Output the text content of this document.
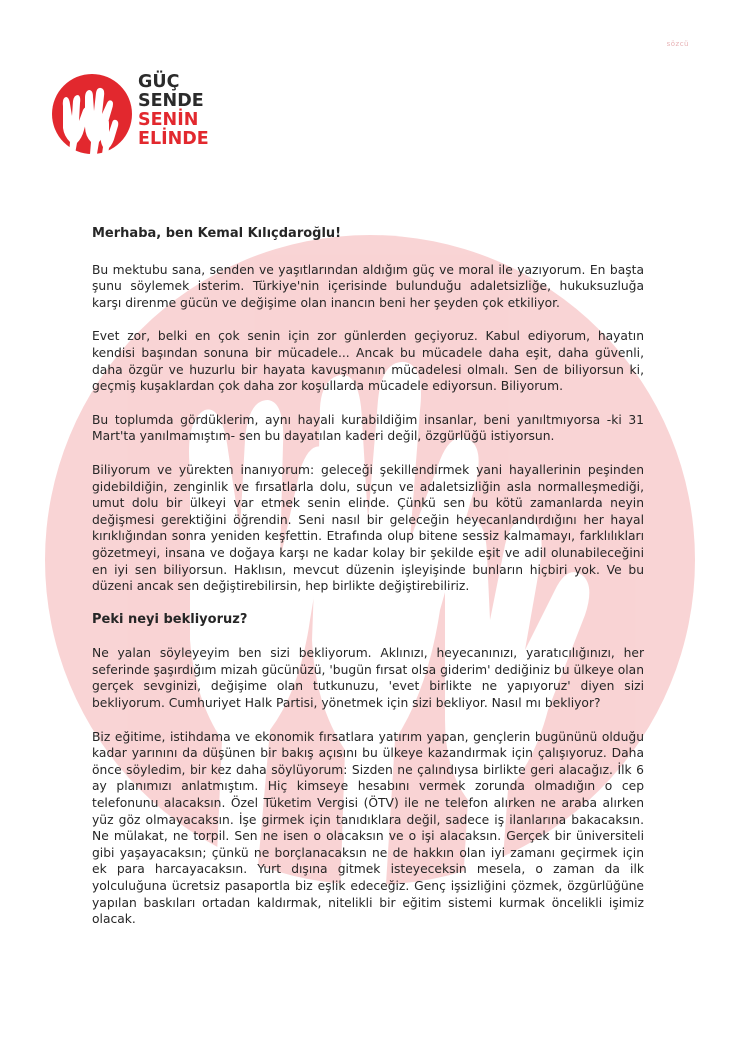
sözcü
GÜÇ
SENDE
SENİN
ELİNDE
Merhaba, ben Kemal Kılıçdaroğlu!

Bu mektubu sana, senden ve yaşıtlarından aldığım güç ve moral ile yazıyorum. En başta şunu söylemek isterim. Türkiye'nin içerisinde bulunduğu adaletsizliğe, hukuksuzluğa karşı direnme gücün ve değişime olan inancın beni her şeyden çok etkiliyor.

Evet zor, belki en çok senin için zor günlerden geçiyoruz. Kabul ediyorum, hayatın kendisi başından sonuna bir mücadele... Ancak bu mücadele daha eşit, daha güvenli, daha özgür ve huzurlu bir hayata kavuşmanın mücadelesi olmalı. Sen de biliyorsun ki, geçmiş kuşaklardan çok daha zor koşullarda mücadele ediyorsun. Biliyorum.

Bu toplumda gördüklerim, aynı hayali kurabildiğim insanlar, beni yanıltmıyorsa -ki 31 Mart'ta yanılmamıştım- sen bu dayatılan kaderi değil, özgürlüğü istiyorsun.

Biliyorum ve yürekten inanıyorum: geleceği şekillendirmek yani hayallerinin peşinden gidebildiğin, zenginlik ve fırsatlarla dolu, suçun ve adaletsizliğin asla normalleşmediği, umut dolu bir ülkeyi var etmek senin elinde. Çünkü sen bu kötü zamanlarda neyin değişmesi gerektiğini öğrendin. Seni nasıl bir geleceğin heyecanlandırdığını her hayal kırıklığından sonra yeniden keşfettin. Etrafında olup bitene sessiz kalmamayı, farklılıkları gözetmeyi, insana ve doğaya karşı ne kadar kolay bir şekilde eşit ve adil olunabileceğini en iyi sen biliyorsun. Haklısın, mevcut düzenin işleyişinde bunların hiçbiri yok. Ve bu düzeni ancak sen değiştirebilirsin, hep birlikte değiştirebiliriz.

Peki neyi bekliyoruz?

Ne yalan söyleyeyim ben sizi bekliyorum. Aklınızı, heyecanınızı, yaratıcılığınızı, her seferinde şaşırdığım mizah gücünüzü, 'bugün fırsat olsa giderim' dediğiniz bu ülkeye olan gerçek sevginizi, değişime olan tutkunuzu, 'evet birlikte ne yapıyoruz' diyen sizi bekliyorum. Cumhuriyet Halk Partisi, yönetmek için sizi bekliyor. Nasıl mı bekliyor?

Biz eğitime, istihdama ve ekonomik fırsatlara yatırım yapan, gençlerin bugününü olduğu kadar yarınını da düşünen bir bakış açısını bu ülkeye kazandırmak için çalışıyoruz. Daha önce söyledim, bir kez daha söylüyorum: Sizden ne çalındıysa birlikte geri alacağız. İlk 6 ay planımızı anlatmıştım. Hiç kimseye hesabını vermek zorunda olmadığın o cep telefonunu alacaksın. Özel Tüketim Vergisi (ÖTV) ile ne telefon alırken ne araba alırken yüz göz olmayacaksın. İşe girmek için tanıdıklara değil, sadece iş ilanlarına bakacaksın. Ne mülakat, ne torpil. Sen ne isen o olacaksın ve o işi alacaksın. Gerçek bir üniversiteli gibi yaşayacaksın; çünkü ne borçlanacaksın ne de hakkın olan iyi zamanı geçirmek için ek para harcayacaksın. Yurt dışına gitmek isteyeceksin mesela, o zaman da ilk yolculuğuna ücretsiz pasaportla biz eşlik edeceğiz. Genç işsizliğini çözmek, özgürlüğüne yapılan baskıları ortadan kaldırmak, nitelikli bir eğitim sistemi kurmak öncelikli işimiz olacak.
